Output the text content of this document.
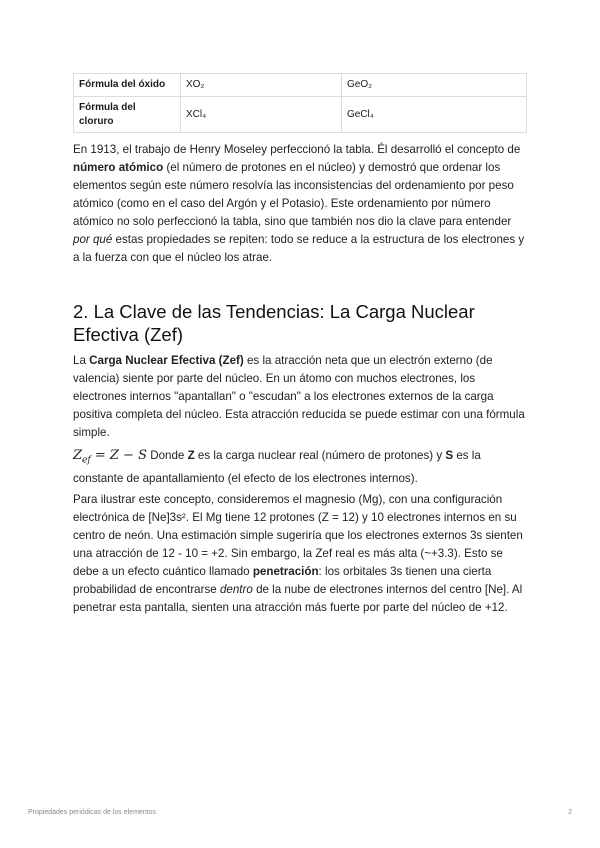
Fórmula del óxido	XO₂	GeO₂
Fórmula del
cloruro	XCl₄	GeCl₄

En 1913, el trabajo de Henry Moseley perfeccionó la tabla. Él desarrolló el concepto de número atómico (el número de protones en el núcleo) y demostró que ordenar los elementos según este número resolvía las inconsistencias del ordenamiento por peso atómico (como en el caso del Argón y el Potasio). Este ordenamiento por número atómico no solo perfeccionó la tabla, sino que también nos dio la clave para entender por qué estas propiedades se repiten: todo se reduce a la estructura de los electrones y a la fuerza con que el núcleo los atrae.

2. La Clave de las Tendencias: La Carga Nuclear Efectiva (Zef)

La Carga Nuclear Efectiva (Zef) es la atracción neta que un electrón externo (de valencia) siente por parte del núcleo. En un átomo con muchos electrones, los electrones internos "apantallan" o "escudan" a los electrones externos de la carga positiva completa del núcleo. Esta atracción reducida se puede estimar con una fórmula simple.

$Z_{ef} = Z - S$ Donde Z es la carga nuclear real (número de protones) y S es la constante de apantallamiento (el efecto de los electrones internos).

Para ilustrar este concepto, consideremos el magnesio (Mg), con una configuración electrónica de [Ne]3s². El Mg tiene 12 protones (Z = 12) y 10 electrones internos en su centro de neón. Una estimación simple sugeriría que los electrones externos 3s sienten una atracción de 12 - 10 = +2. Sin embargo, la Zef real es más alta (~+3.3). Esto se debe a un efecto cuántico llamado penetración: los orbitales 3s tienen una cierta probabilidad de encontrarse dentro de la nube de electrones internos del centro [Ne]. Al penetrar esta pantalla, sienten una atracción más fuerte por parte del núcleo de +12.

Propiedades periódicas de los elementos	2
